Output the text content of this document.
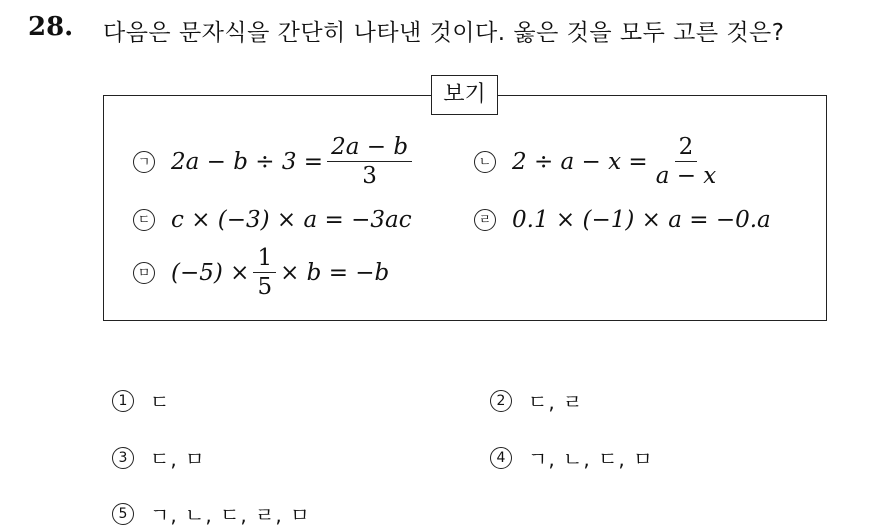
28. 다음은 문자식을 간단히 나타낸 것이다. 옳은 것을 모두 고른 것은?
보기
ㄱ $2a - b \div 3 = \frac{2a - b}{3}$	ㄴ $2 \div a - x = \frac{2}{a - x}$
ㄷ c × (−3) × a = −3ac	ㄹ 0.1 × (−1) × a = −0.a
ㅁ $(-5) \times \frac{1}{5} \times b = -b$
1	ㄷ	2	ㄷ, ㄹ
3	ㄷ, ㅁ	4	ㄱ, ㄴ, ㄷ, ㅁ
5	ㄱ, ㄴ, ㄷ, ㄹ, ㅁ
